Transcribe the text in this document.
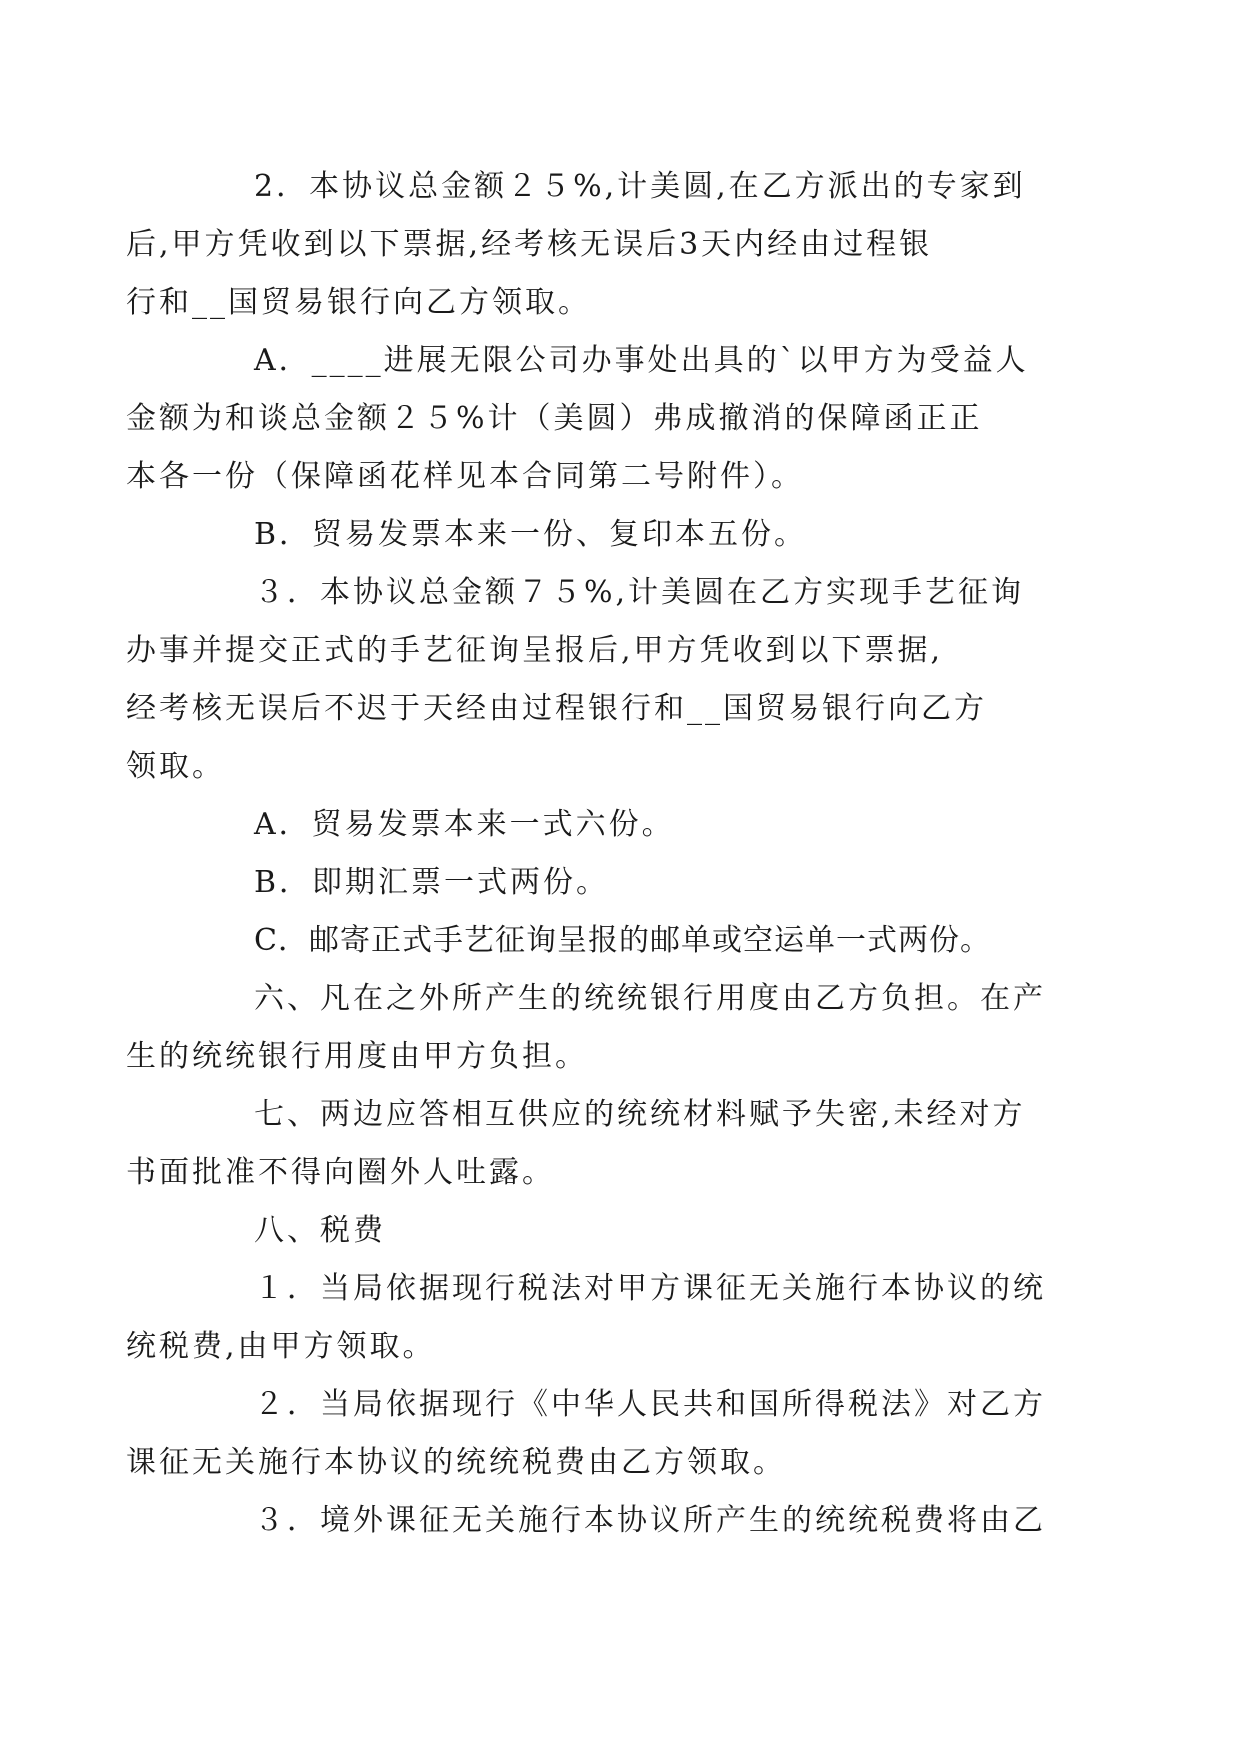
2．本协议总金额２５%,计美圆,在乙方派出的专家到
后,甲方凭收到以下票据,经考核无误后3天内经由过程银
行和__国贸易银行向乙方领取。

A．____进展无限公司办事处出具的`以甲方为受益人
金额为和谈总金额２５%计（美圆）弗成撤消的保障函正正
本各一份（保障函花样见本合同第二号附件）。

B．贸易发票本来一份、复印本五份。

３．本协议总金额７５%,计美圆在乙方实现手艺征询
办事并提交正式的手艺征询呈报后,甲方凭收到以下票据,
经考核无误后不迟于天经由过程银行和__国贸易银行向乙方
领取。

A．贸易发票本来一式六份。

B．即期汇票一式两份。

C．邮寄正式手艺征询呈报的邮单或空运单一式两份。

六、凡在之外所产生的统统银行用度由乙方负担。在产
生的统统银行用度由甲方负担。

七、两边应答相互供应的统统材料赋予失密,未经对方
书面批准不得向圈外人吐露。

八、税费

１．当局依据现行税法对甲方课征无关施行本协议的统
统税费,由甲方领取。

２．当局依据现行《中华人民共和国所得税法》对乙方
课征无关施行本协议的统统税费由乙方领取。

３．境外课征无关施行本协议所产生的统统税费将由乙
